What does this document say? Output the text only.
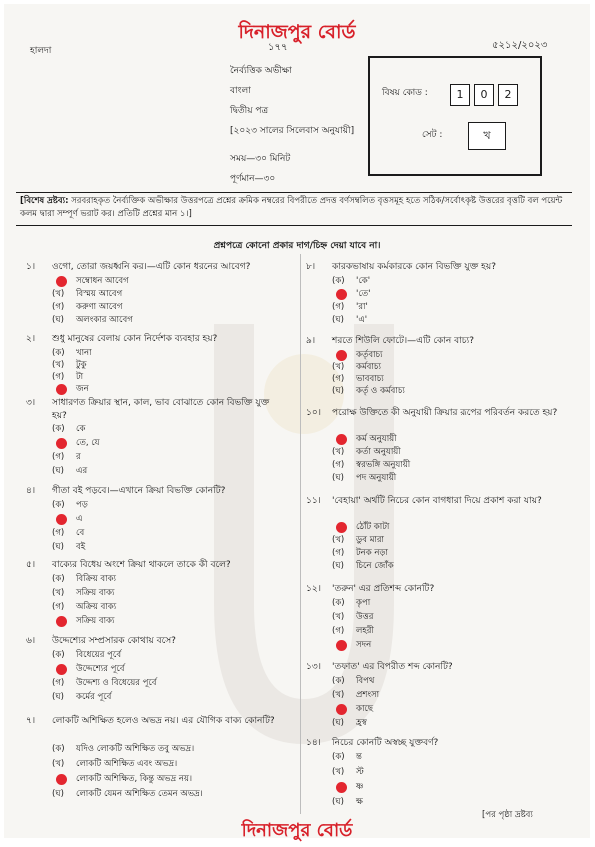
দিনাজপুর বোর্ড
হালদা	১৭৭	৫২১২/২০২৩
নৈর্ব্যত্তিক অভীক্ষা
বাংলা
দ্বিতীয় পত্র
[২০২৩ সালের সিলেবাস অনুযায়ী]
সময়—৩০ মিনিট
পূর্ণমান—৩০
বিষয় কোড :	1	0	2
সেট :	খ
[বিশেষ দ্রষ্টব্য: সরবরাহকৃত নৈর্ব্যক্তিক অভীক্ষার উত্তরপত্রে প্রশ্নের ক্রমিক নম্বরের বিপরীতে প্রদত্ত বর্ণসম্বলিত বৃত্তসমূহ হতে সঠিক/সর্বোৎকৃষ্ট উত্তরের বৃত্তটি বল পয়েন্ট কলম দ্বারা সম্পূর্ণ ভরাট কর। প্রতিটি প্রশ্নের মান ১।]
প্রশ্নপত্রে কোনো প্রকার দাগ/চিহ্ন দেয়া যাবে না।
১। ওগো, তোরা জয়ধ্বনি কর।—এটি কোন ধরনের আবেগ?
সম্বোধন আবেগ
(খ) বিস্ময় আবেগ
(গ) করুণা আবেগ
(ঘ) অলংকার আবেগ
২। শুধু মানুষের বেলায় কোন নির্দেশক ব্যবহার হয়?
(ক) খানা
(খ) টুকু
(গ) টা
জন
৩। সাধারণত ক্রিয়ার স্থান, কাল, ভাব বোঝাতে কোন বিভক্তি যুক্ত হয়?
(ক) কে
তে, যে
(গ) র
(ঘ) এর
৪। গীতা বই পড়বে।—এখানে ক্রিয়া বিভক্তি কোনটি?
(ক) পড়
এ
(গ) বে
(ঘ) বই
৫। বাক্যের বিধেয় অংশে ক্রিয়া থাকলে তাকে কী বলে?
(ক) বিক্রিয় বাক্য
(খ) সক্রিয় বাক্য
(গ) অক্রিয় বাক্য
সক্রিয় বাক্য
৬। উদ্দেশ্যের সম্প্রসারক কোথায় বসে?
(ক) বিধেয়ের পূর্বে
উদ্দেশ্যের পূর্বে
(গ) উদ্দেশ্য ও বিধেয়ের পূর্বে
(ঘ) কর্মের পূর্বে
৭। লোকটি অশিক্ষিত হলেও অভদ্র নয়। এর যৌগিক বাক্য কোনটি?
(ক) যদিও লোকটি অশিক্ষিত তবু অভদ্র।
(খ) লোকটি অশিক্ষিত এবং অভদ্র।
লোকটি অশিক্ষিত, কিন্তু অভদ্র নয়।
(ঘ) লোকটি যেমন অশিক্ষিত তেমন অভদ্র।
৮। কারকভাষায় কর্মকারকে কোন বিভক্তি যুক্ত হয়?
(ক) 'কে'
'তে'
(গ) 'রা'
(ঘ) 'এ'
৯। শরতে শিউলি ফোটে।—এটি কোন বাচ্য?
কর্তৃবাচ্য
(খ) কর্মবাচ্য
(গ) ভাববাচ্য
(ঘ) কর্তৃ ও কর্মবাচ্য
১০। পরোক্ষ উক্তিতে কী অনুযায়ী ক্রিয়ার রূপের পরিবর্তন করতে হয়?
কর্ম অনুযায়ী
(খ) কর্তা অনুযায়ী
(গ) স্বরভঙ্গি অনুযায়ী
(ঘ) পদ অনুযায়ী
১১। 'বেহায়া' অর্থটি নিচের কোন বাগধারা দিয়ে প্রকাশ করা যায়?
ঠোঁট কাটা
(খ) ডুব মারা
(গ) টনক নড়া
(ঘ) চিনে জোঁক
১২। 'তরুন' এর প্রতিশব্দ কোনটি?
(ক) কৃপা
(খ) উত্তর
(গ) লহরী
সদন
১৩। 'তফাত' এর বিপরীত শব্দ কোনটি?
(ক) বিপথ
(খ) প্রশংসা
কাছে
(ঘ) হ্রস্ব
১৪। নিচের কোনটি অস্বচ্ছ যুক্তবর্ণ?
(ক) ন্ত
(খ) স্ট
ষ্ণ
(ঘ) ক্ষ
[পর পৃষ্ঠা দ্রষ্টব্য
দিনাজপুর বোর্ড
